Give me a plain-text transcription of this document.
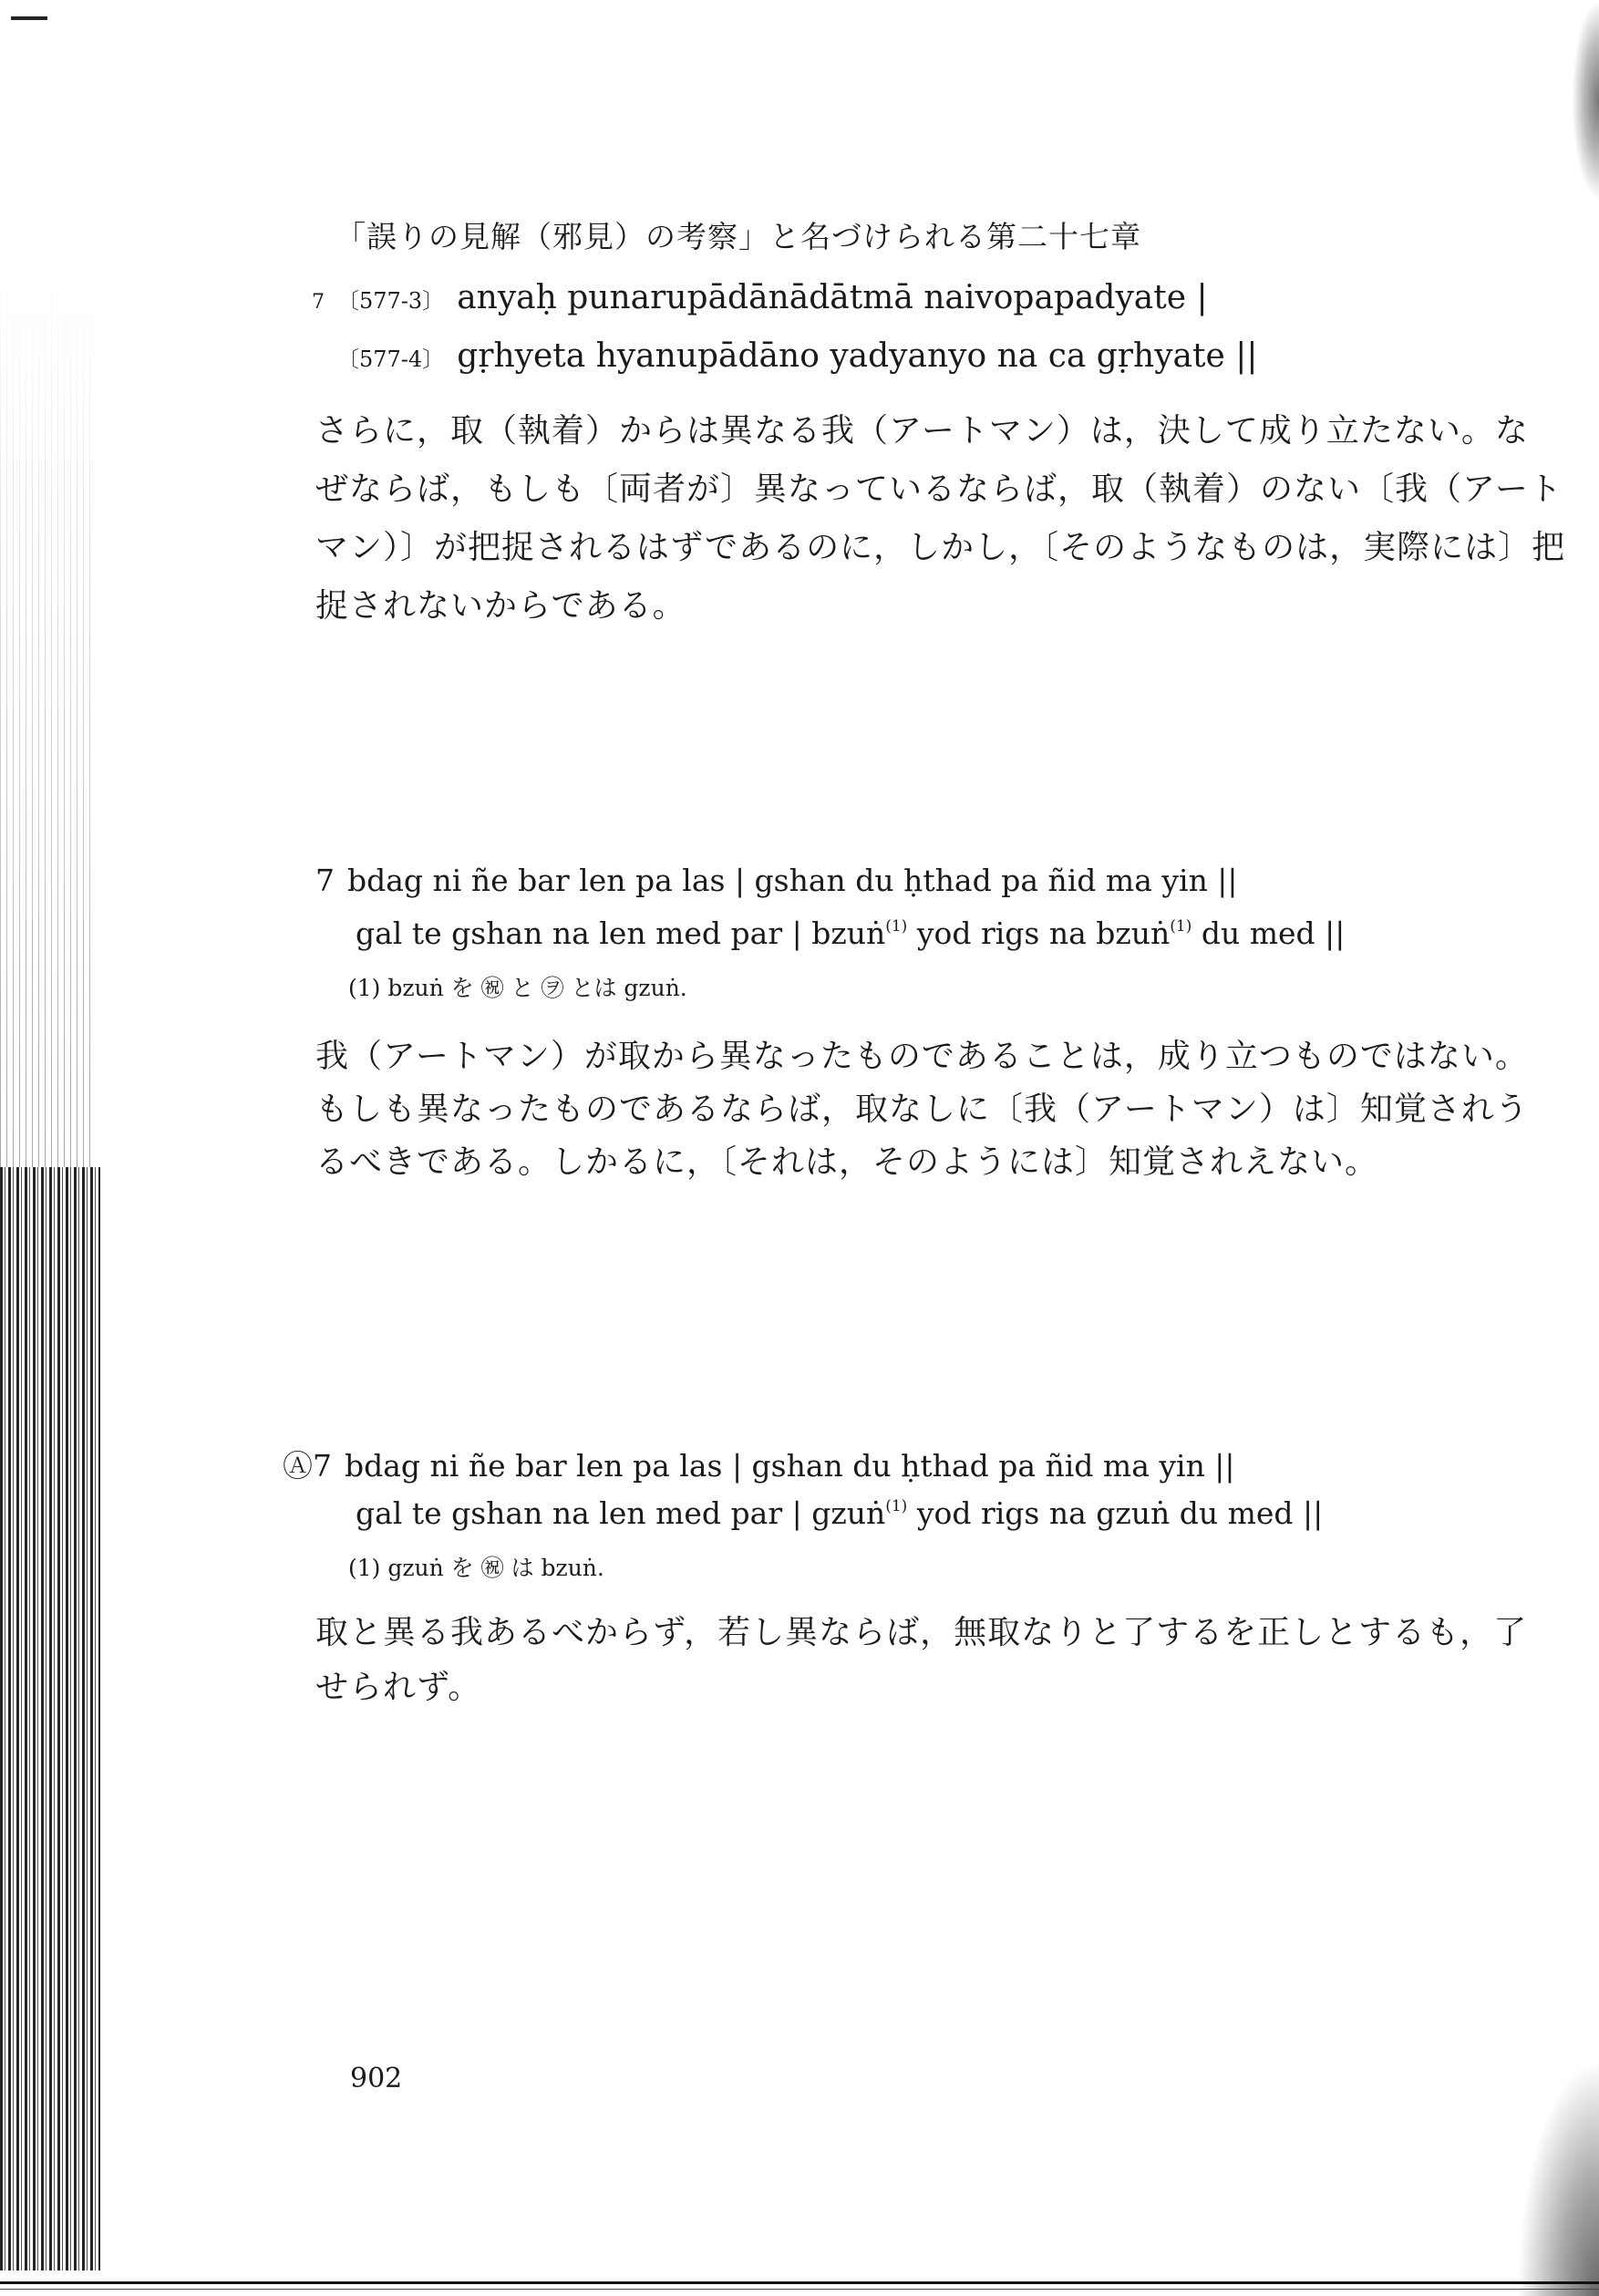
「誤りの見解（邪見）の考察」と名づけられる第二十七章
7 〔577-3〕 anyaḥ punarupādānādātmā naivopapadyate |
〔577-4〕 gṛhyeta hyanupādāno yadyanyo na ca gṛhyate ||
さらに，取（執着）からは異なる我（アートマン）は，決して成り立たない。な
ぜならば，もしも〔両者が〕異なっているならば，取（執着）のない〔我（アート
マン）〕が把捉されるはずであるのに，しかし，〔そのようなものは，実際には〕把
捉されないからである。
7 bdag ni ñe bar len pa las | gshan du ḥthad pa ñid ma yin ||
gal te gshan na len med par | bzuṅ$^{(1)}$ yod rigs na bzuṅ$^{(1)}$ du med ||
(1) bzuṅ を ㊗ と ㋾ とは gzuṅ.
我（アートマン）が取から異なったものであることは，成り立つものではない。
もしも異なったものであるならば，取なしに〔我（アートマン）は〕知覚されう
るべきである。しかるに，〔それは，そのようには〕知覚されえない。
Ⓐ7 bdag ni ñe bar len pa las | gshan du ḥthad pa ñid ma yin ||
gal te gshan na len med par | gzuṅ$^{(1)}$ yod rigs na gzuṅ du med ||
(1) gzuṅ を ㊗ は bzuṅ.
取と異る我あるべからず，若し異ならば，無取なりと了するを正しとするも，了
せられず。
902
